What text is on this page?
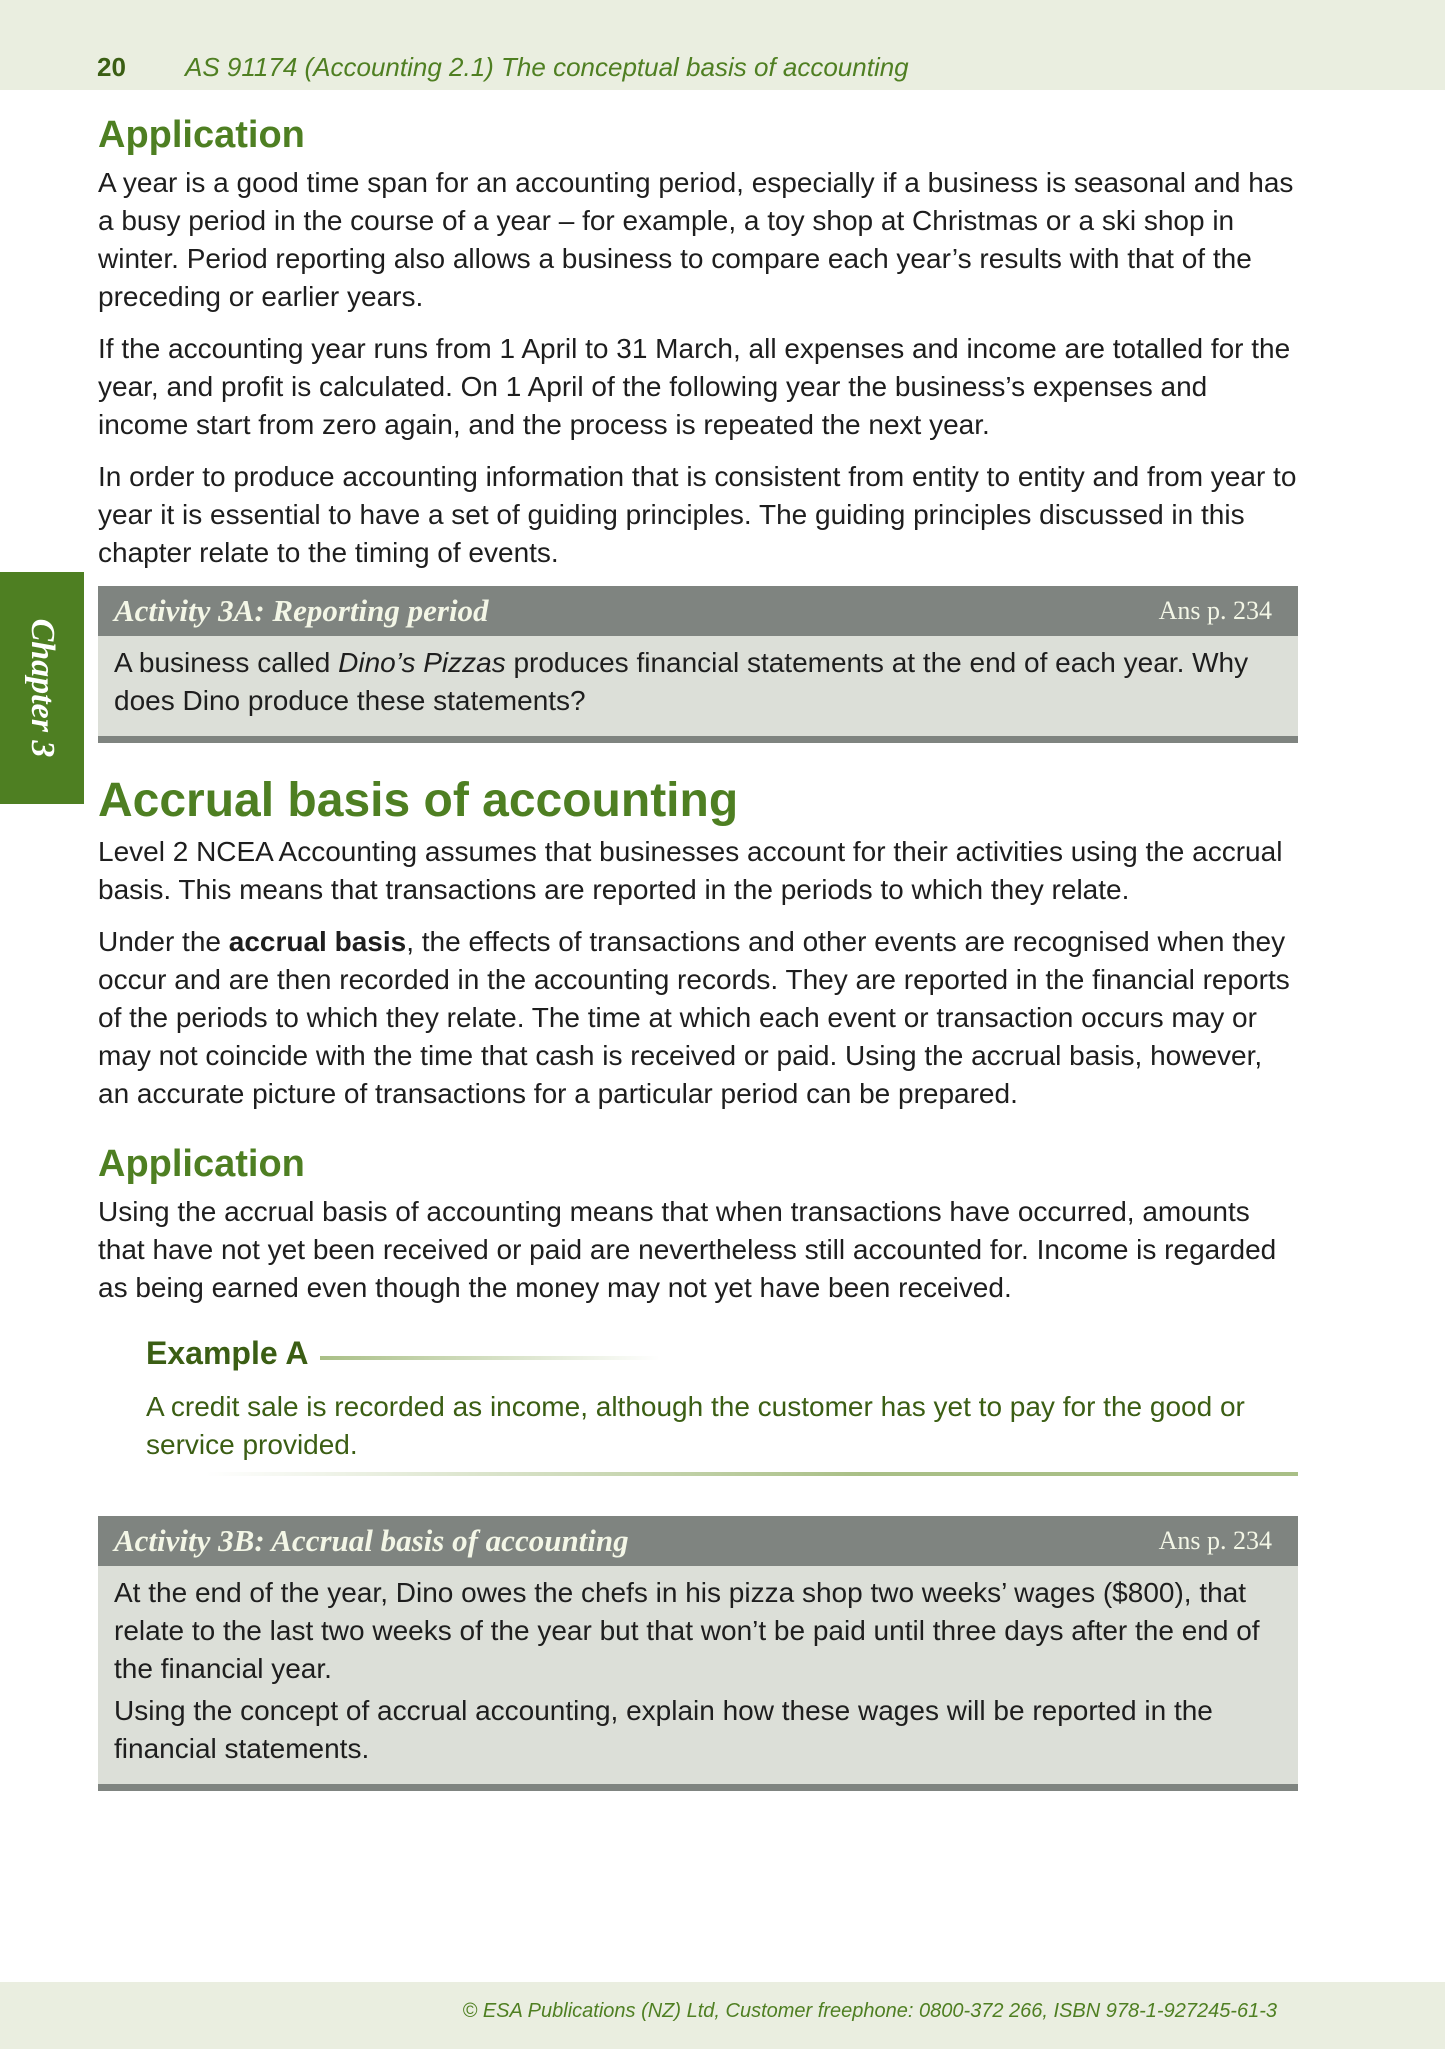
20 AS 91174 (Accounting 2.1) The conceptual basis of accounting
Chapter 3
Application

A year is a good time span for an accounting period, especially if a business is seasonal and has a busy period in the course of a year – for example, a toy shop at Christmas or a ski shop in winter. Period reporting also allows a business to compare each year’s results with that of the preceding or earlier years.

If the accounting year runs from 1 April to 31 March, all expenses and income are totalled for the year, and profit is calculated. On 1 April of the following year the business’s expenses and income start from zero again, and the process is repeated the next year.

In order to produce accounting information that is consistent from entity to entity and from year to year it is essential to have a set of guiding principles. The guiding principles discussed in this chapter relate to the timing of events.

Activity 3A: Reporting period	Ans p. 234

A business called Dino’s Pizzas produces financial statements at the end of each year. Why does Dino produce these statements?

Accrual basis of accounting

Level 2 NCEA Accounting assumes that businesses account for their activities using the accrual basis. This means that transactions are reported in the periods to which they relate.

Under the accrual basis, the effects of transactions and other events are recognised when they occur and are then recorded in the accounting records. They are reported in the financial reports of the periods to which they relate. The time at which each event or transaction occurs may or may not coincide with the time that cash is received or paid. Using the accrual basis, however, an accurate picture of transactions for a particular period can be prepared.

Application

Using the accrual basis of accounting means that when transactions have occurred, amounts that have not yet been received or paid are nevertheless still accounted for. Income is regarded as being earned even though the money may not yet have been received.

Example A
A credit sale is recorded as income, although the customer has yet to pay for the good or service provided.
Activity 3B: Accrual basis of accounting	Ans p. 234

At the end of the year, Dino owes the chefs in his pizza shop two weeks’ wages ($800), that relate to the last two weeks of the year but that won’t be paid until three days after the end of the financial year.

Using the concept of accrual accounting, explain how these wages will be reported in the financial statements.

© ESA Publications (NZ) Ltd, Customer freephone: 0800-372 266, ISBN 978-1-927245-61-3
